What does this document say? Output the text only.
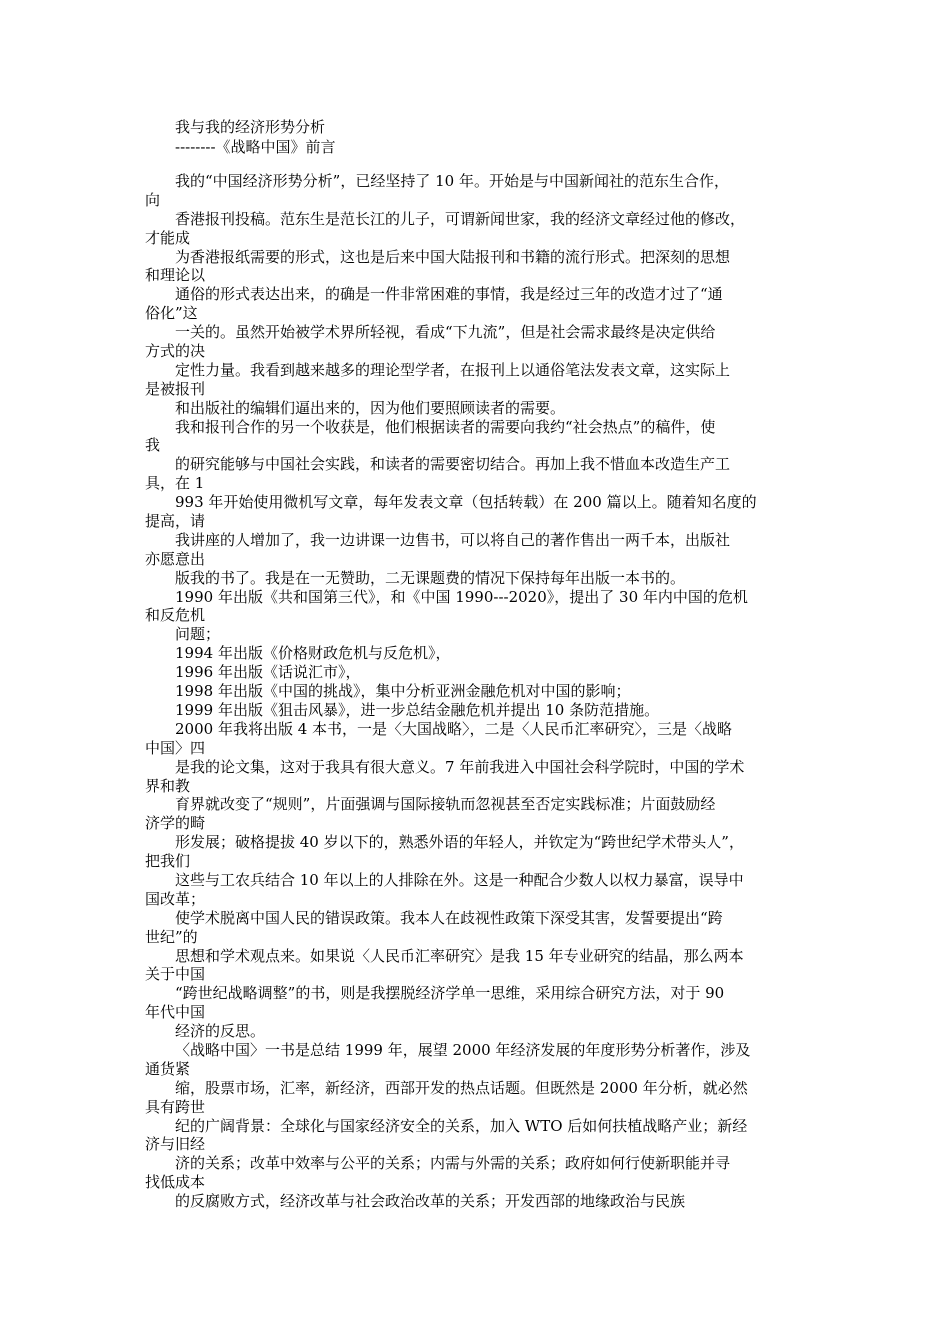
我与我的经济形势分析
--------《战略中国》前言
我的“中国经济形势分析”，已经坚持了 10 年。开始是与中国新闻社的范东生合作，
向
香港报刊投稿。范东生是范长江的儿子，可谓新闻世家，我的经济文章经过他的修改，
才能成
为香港报纸需要的形式，这也是后来中国大陆报刊和书籍的流行形式。把深刻的思想
和理论以
通俗的形式表达出来，的确是一件非常困难的事情，我是经过三年的改造才过了“通
俗化”这
一关的。虽然开始被学术界所轻视，看成“下九流”，但是社会需求最终是决定供给
方式的决
定性力量。我看到越来越多的理论型学者，在报刊上以通俗笔法发表文章，这实际上
是被报刊
和出版社的编辑们逼出来的，因为他们要照顾读者的需要。
我和报刊合作的另一个收获是，他们根据读者的需要向我约“社会热点”的稿件，使
我
的研究能够与中国社会实践，和读者的需要密切结合。再加上我不惜血本改造生产工
具，在 1
993 年开始使用微机写文章，每年发表文章（包括转载）在 200 篇以上。随着知名度的
提高，请
我讲座的人增加了，我一边讲课一边售书，可以将自己的著作售出一两千本，出版社
亦愿意出
版我的书了。我是在一无赞助，二无课题费的情况下保持每年出版一本书的。
1990 年出版《共和国第三代》，和《中国 1990---2020》，提出了 30 年内中国的危机
和反危机
问题；
1994 年出版《价格财政危机与反危机》，
1996 年出版《话说汇市》，
1998 年出版《中国的挑战》，集中分析亚洲金融危机对中国的影响；
1999 年出版《狙击风暴》，进一步总结金融危机并提出 10 条防范措施。
2000 年我将出版 4 本书，一是〈大国战略〉，二是〈人民币汇率研究〉，三是〈战略
中国〉四
是我的论文集，这对于我具有很大意义。7 年前我进入中国社会科学院时，中国的学术
界和教
育界就改变了“规则”，片面强调与国际接轨而忽视甚至否定实践标准；片面鼓励经
济学的畸
形发展；破格提拔 40 岁以下的，熟悉外语的年轻人，并钦定为“跨世纪学术带头人”，
把我们
这些与工农兵结合 10 年以上的人排除在外。这是一种配合少数人以权力暴富，误导中
国改革；
使学术脱离中国人民的错误政策。我本人在歧视性政策下深受其害，发誓要提出“跨
世纪”的
思想和学术观点来。如果说〈人民币汇率研究〉是我 15 年专业研究的结晶，那么两本
关于中国
“跨世纪战略调整”的书，则是我摆脱经济学单一思维，采用综合研究方法，对于 90
年代中国
经济的反思。
〈战略中国〉一书是总结 1999 年，展望 2000 年经济发展的年度形势分析著作，涉及
通货紧
缩，股票市场，汇率，新经济，西部开发的热点话题。但既然是 2000 年分析，就必然
具有跨世
纪的广阔背景：全球化与国家经济安全的关系，加入 WTO 后如何扶植战略产业；新经
济与旧经
济的关系；改革中效率与公平的关系；内需与外需的关系；政府如何行使新职能并寻
找低成本
的反腐败方式，经济改革与社会政治改革的关系；开发西部的地缘政治与民族
